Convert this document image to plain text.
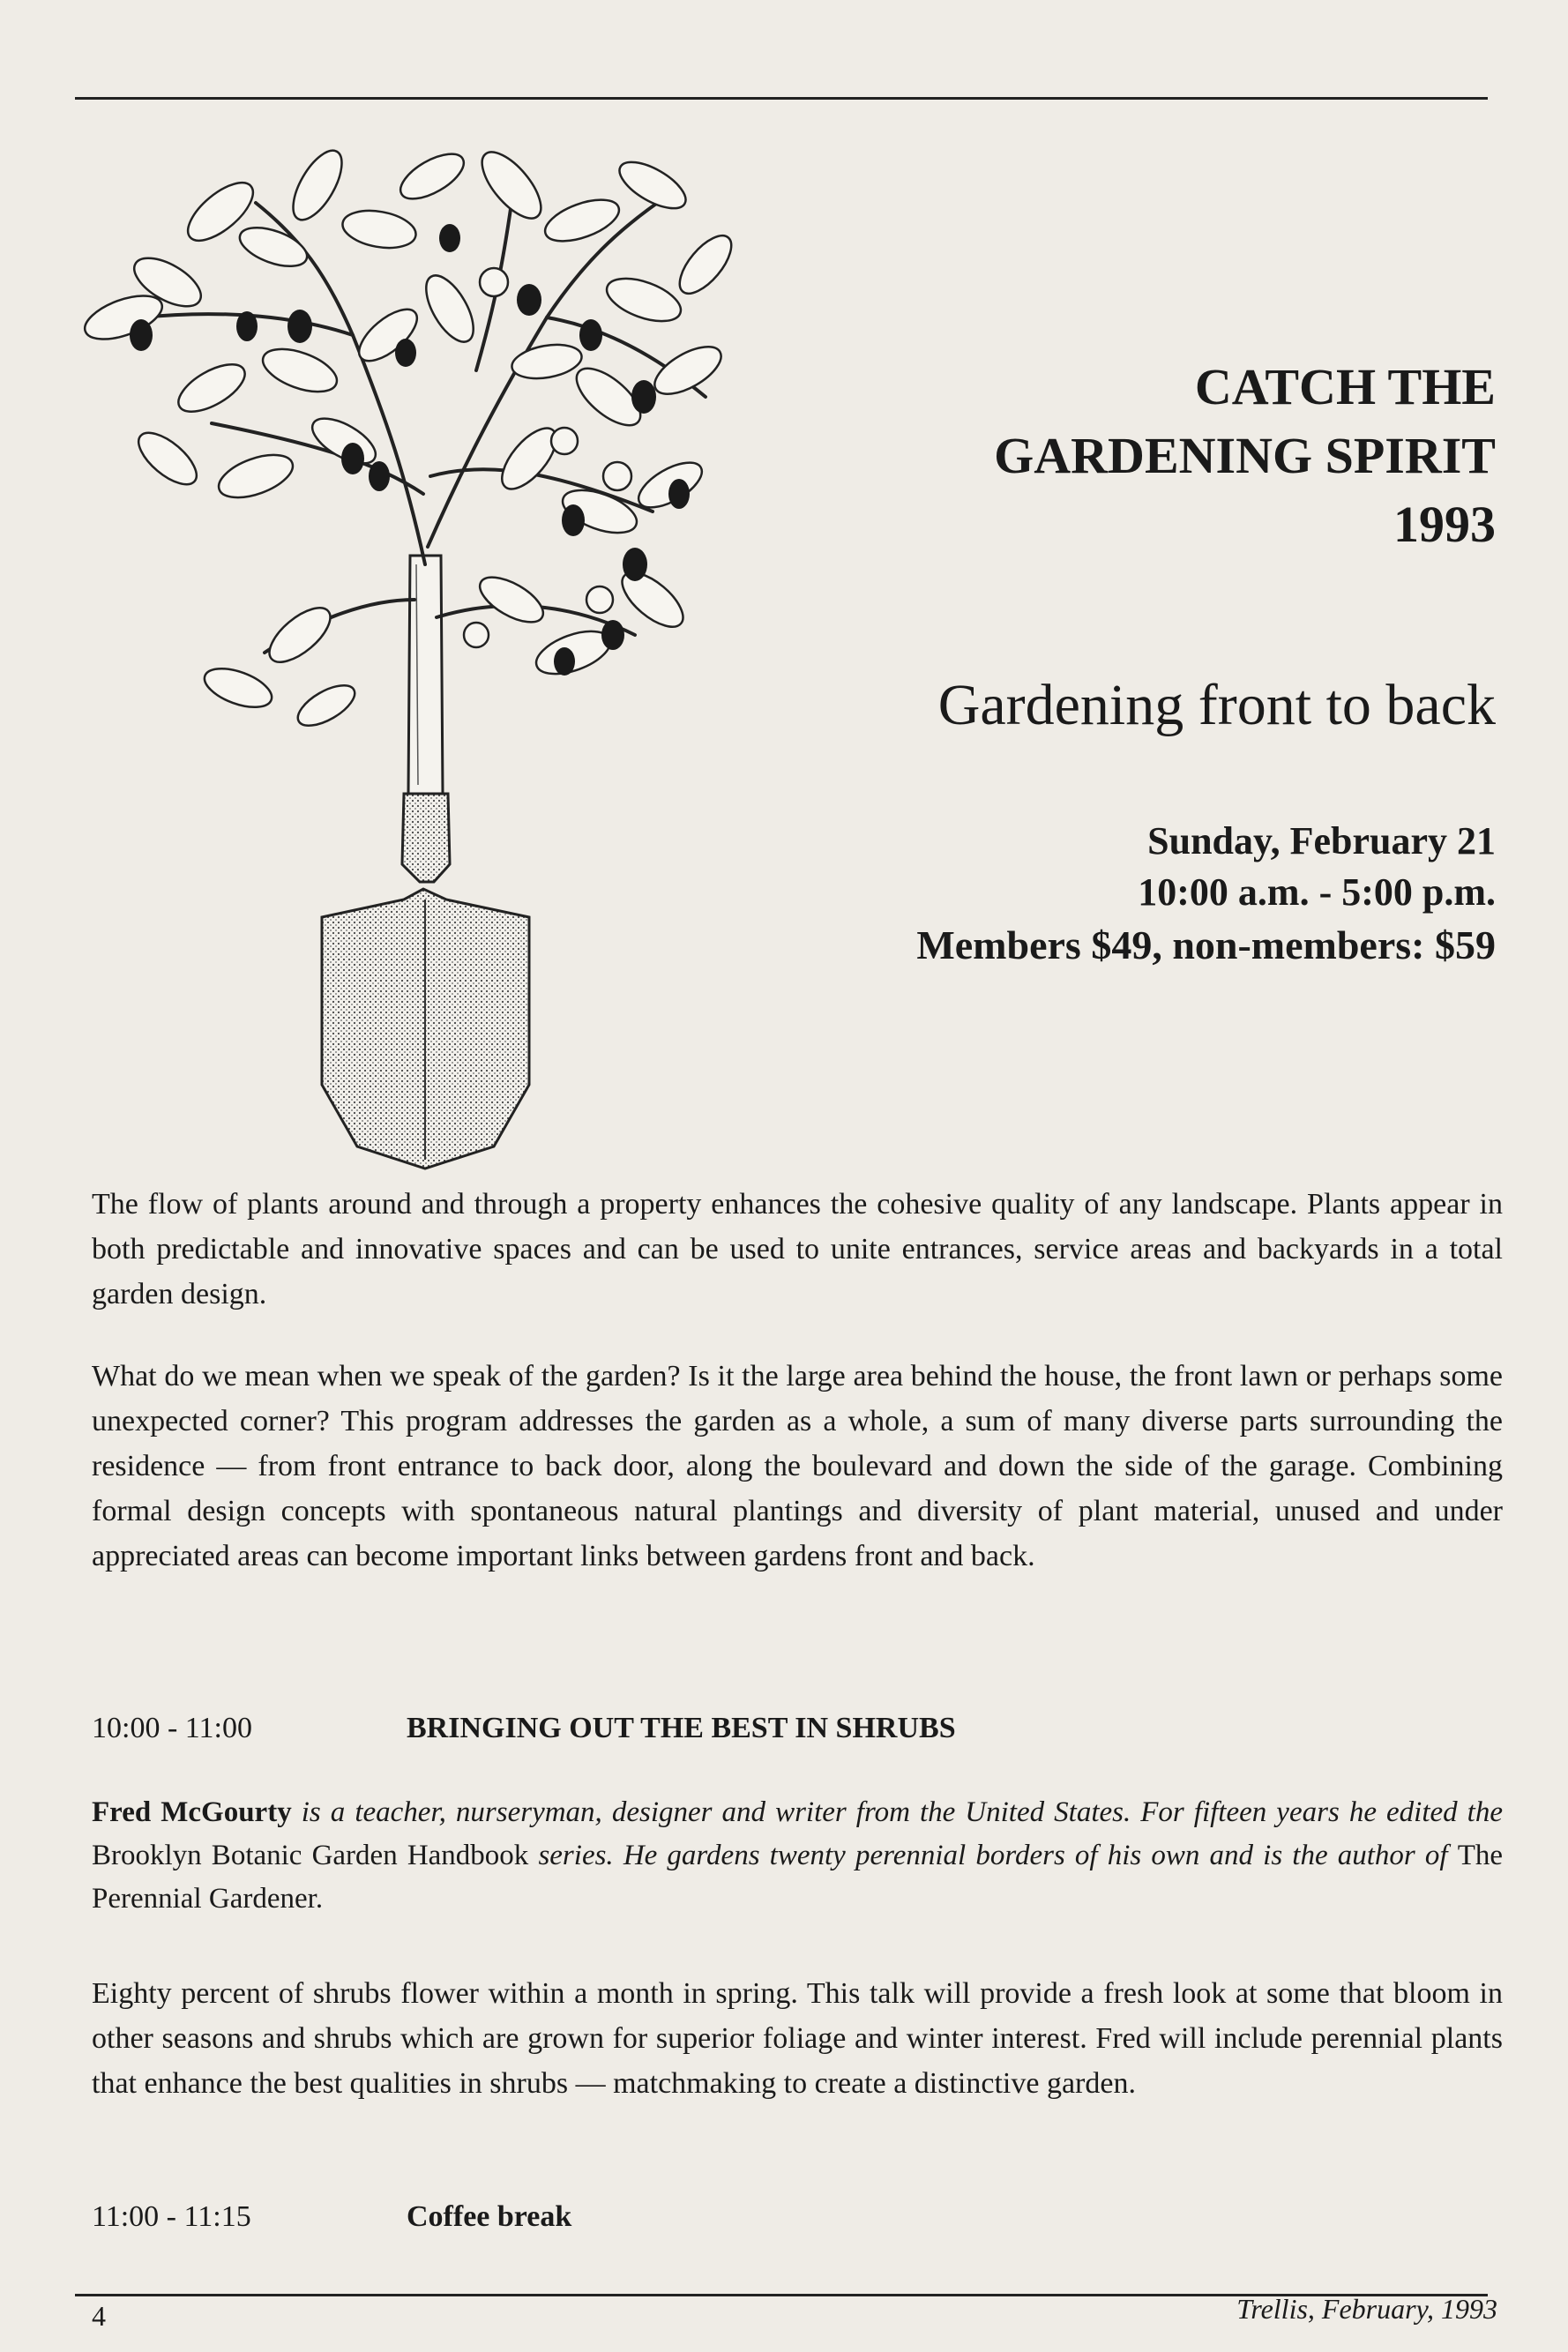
CATCH THE
GARDENING SPIRIT
1993
Gardening front to back
Sunday, February 21
10:00 a.m. - 5:00 p.m.
Members $49, non-members: $59
The flow of plants around and through a property enhances the cohesive quality of any landscape. Plants appear in both predictable and innovative spaces and can be used to unite entrances, service areas and backyards in a total garden design.
What do we mean when we speak of the garden? Is it the large area behind the house, the front lawn or perhaps some unexpected corner? This program addresses the garden as a whole, a sum of many diverse parts surrounding the residence — from front entrance to back door, along the boulevard and down the side of the garage. Combining formal design concepts with spontaneous natural plantings and diversity of plant material, unused and under appreciated areas can become important links between gardens front and back.
10:00 - 11:00	BRINGING OUT THE BEST IN SHRUBS
Fred McGourty is a teacher, nurseryman, designer and writer from the United States. For fifteen years he edited the Brooklyn Botanic Garden Handbook series. He gardens twenty perennial borders of his own and is the author of The Perennial Gardener.
Eighty percent of shrubs flower within a month in spring. This talk will provide a fresh look at some that bloom in other seasons and shrubs which are grown for superior foliage and winter interest. Fred will include perennial plants that enhance the best qualities in shrubs — matchmaking to create a distinctive garden.
11:00 - 11:15	Coffee break
4	Trellis, February, 1993
